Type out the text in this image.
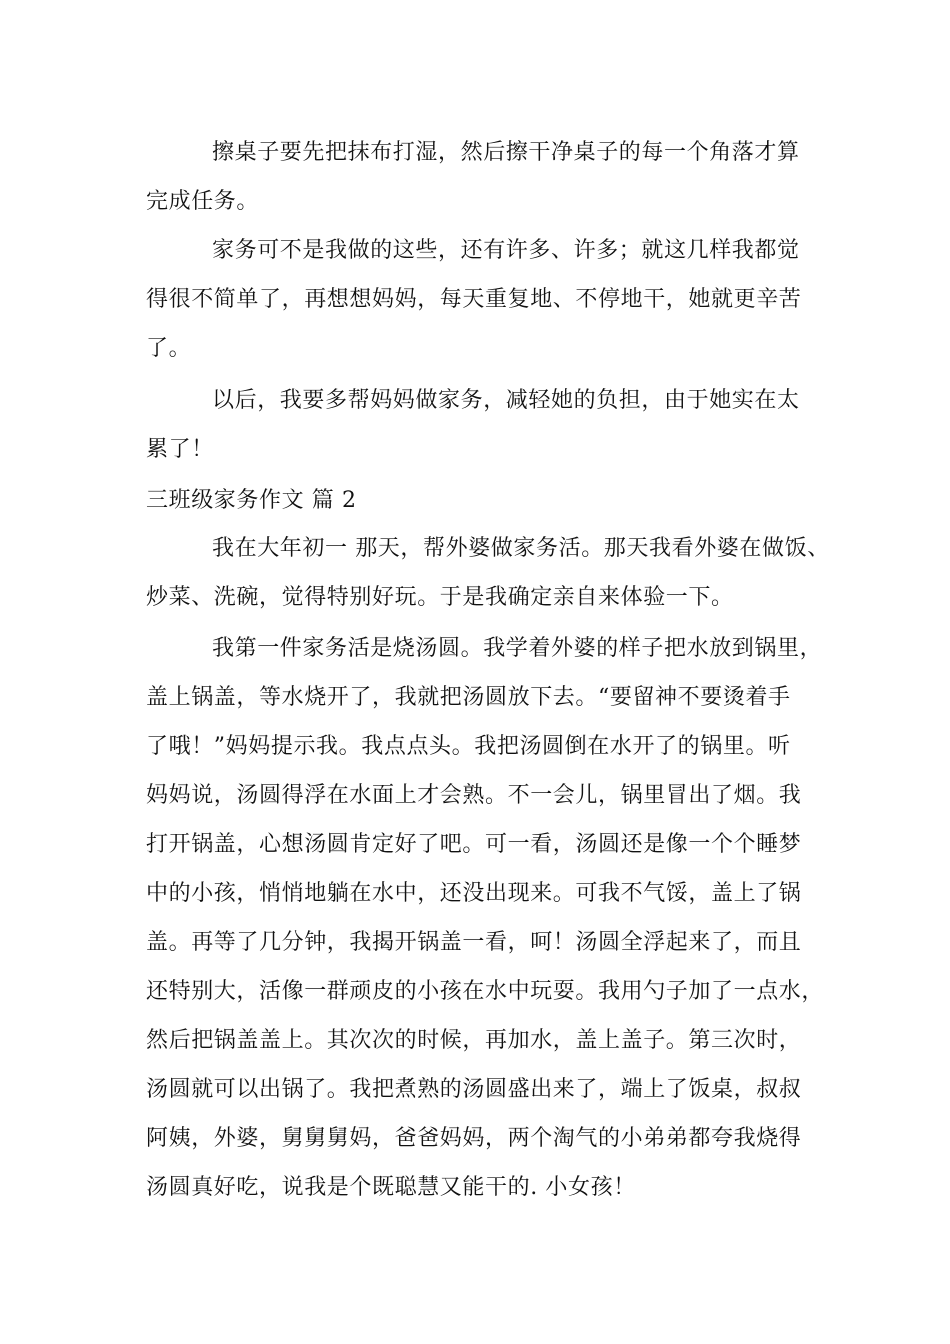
擦桌子要先把抹布打湿，然后擦干净桌子的每一个角落才算
完成任务。
家务可不是我做的这些，还有许多、许多；就这几样我都觉
得很不简单了，再想想妈妈，每天重复地、不停地干，她就更辛苦
了。
以后，我要多帮妈妈做家务，减轻她的负担，由于她实在太
累了！
三班级家务作文 篇 2
我在大年初一 那天，帮外婆做家务活。那天我看外婆在做饭、
炒菜、洗碗，觉得特别好玩。于是我确定亲自来体验一下。
我第一件家务活是烧汤圆。我学着外婆的样子把水放到锅里，
盖上锅盖，等水烧开了，我就把汤圆放下去。“要留神不要烫着手
了哦！”妈妈提示我。我点点头。我把汤圆倒在水开了的锅里。听
妈妈说，汤圆得浮在水面上才会熟。不一会儿，锅里冒出了烟。我
打开锅盖，心想汤圆肯定好了吧。可一看，汤圆还是像一个个睡梦
中的小孩，悄悄地躺在水中，还没出现来。可我不气馁，盖上了锅
盖。再等了几分钟，我揭开锅盖一看，呵！汤圆全浮起来了，而且
还特别大，活像一群顽皮的小孩在水中玩耍。我用勺子加了一点水，
然后把锅盖盖上。其次次的时候，再加水，盖上盖子。第三次时，
汤圆就可以出锅了。我把煮熟的汤圆盛出来了，端上了饭桌，叔叔
阿姨，外婆，舅舅舅妈，爸爸妈妈，两个淘气的小弟弟都夸我烧得
汤圆真好吃，说我是个既聪慧又能干的. 小女孩！
